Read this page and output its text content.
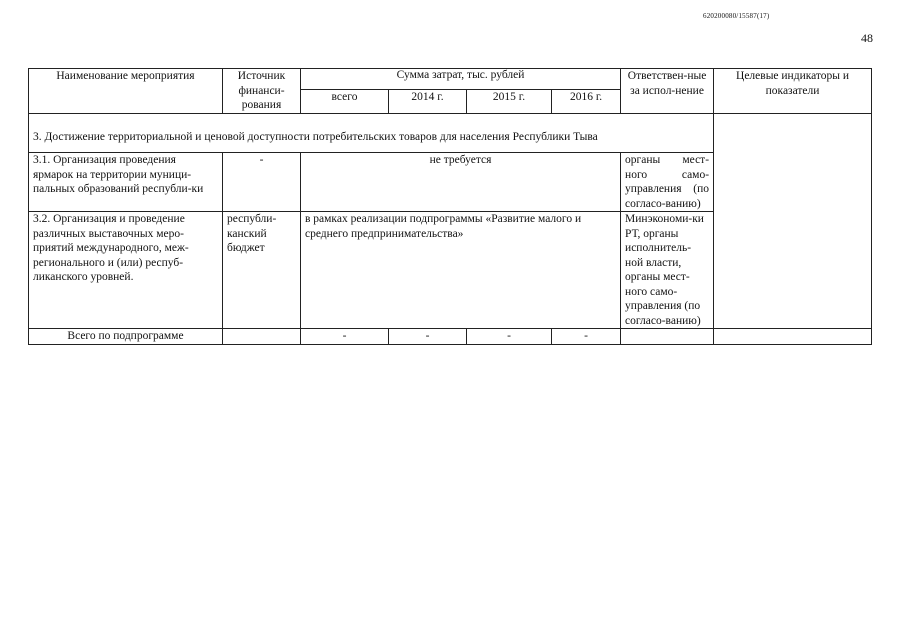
620200080/15587(17)
48
Наименование мероприятия	Источник финанси-рования	Сумма затрат, тыс. рублей				Ответствен-ные за испол-нение	Целевые индикаторы и показатели
		всего	2014 г.	2015 г.	2016 г.		
3. Достижение территориальной и ценовой доступности потребительских товаров для населения Республики Тыва							
3.1. Организация проведения ярмарок на территории муници-пальных образований республи-ки	-	не требуется				органы мест-ного само-управления (по согласо-ванию)	
3.2. Организация и проведение различных выставочных меро-приятий международного, меж-регионального и (или) респуб-ликанского уровней.	республи-канский бюджет	в рамках реализации подпрограммы «Развитие малого и среднего предпринимательства»				Минэкономи-ки РТ, органы исполнитель-ной власти, органы мест-ного само-управления (по согласо-ванию)	
Всего по подпрограмме		-	-	-	-		
